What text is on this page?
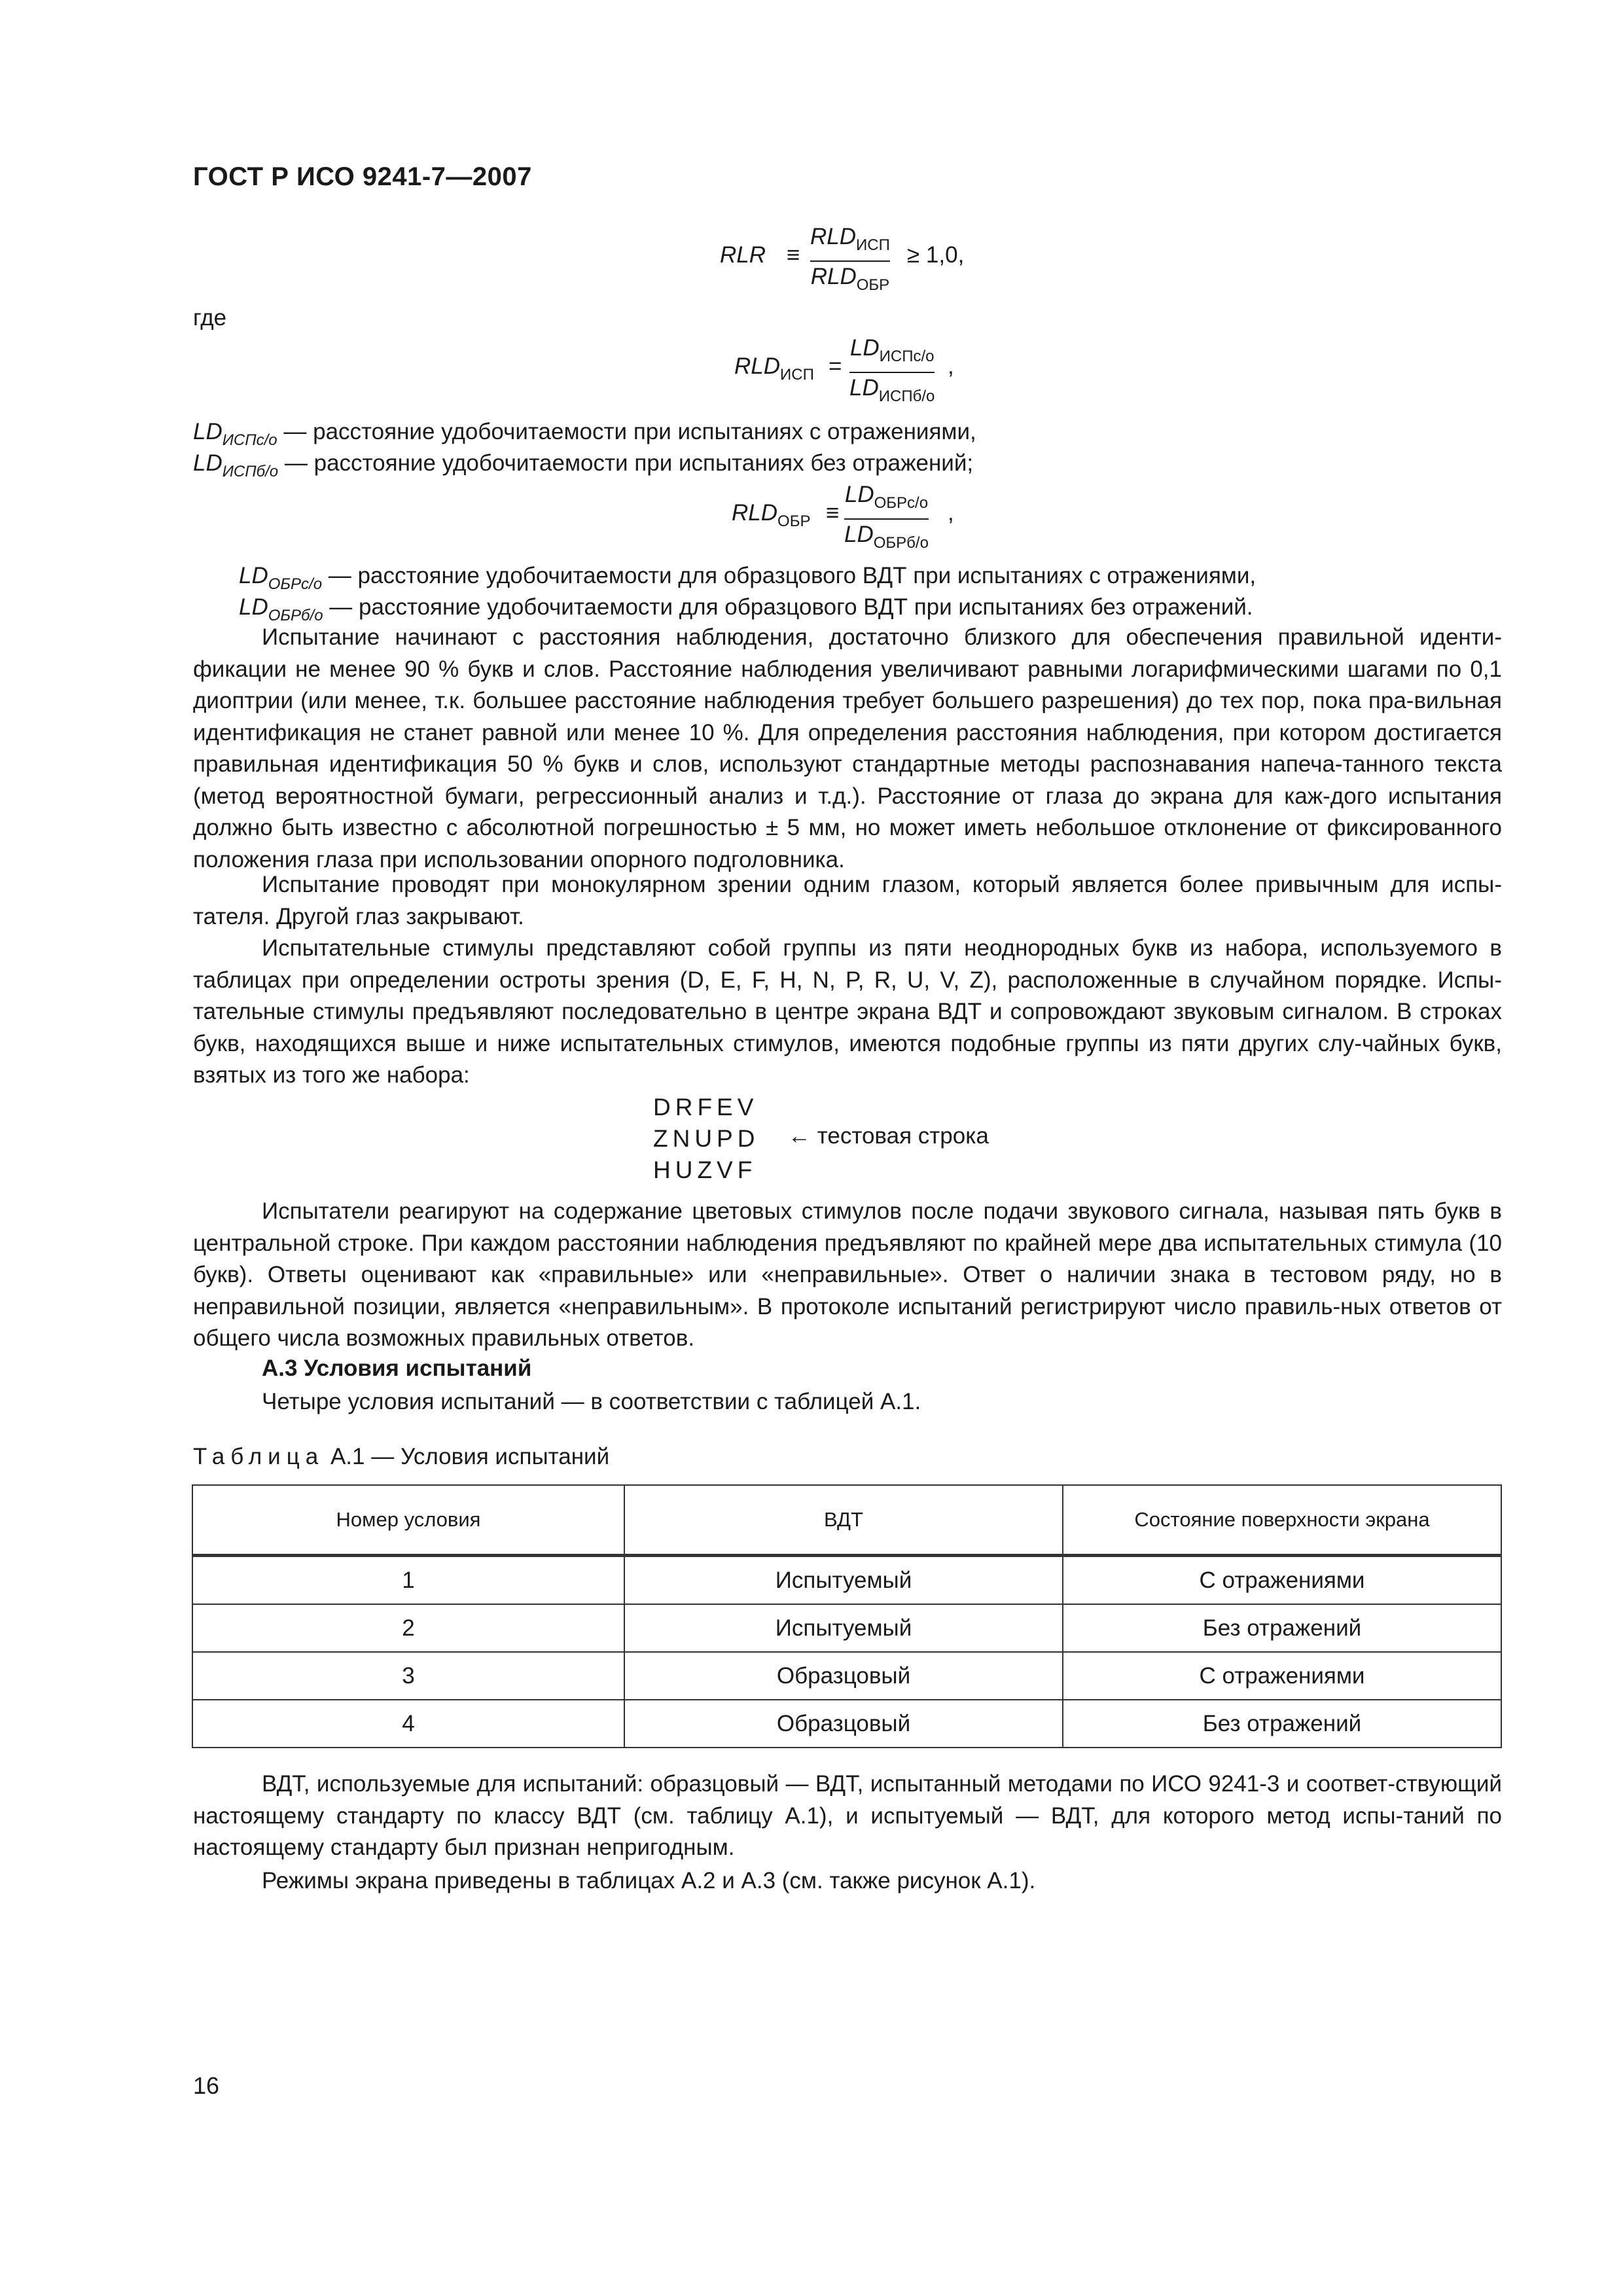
ГОСТ Р ИСО 9241-7—2007
RLR ≡
$RLD_{ИСП}$
$RLD_{ОБР}$
≥ 1,0,
где
$RLD_{ИСП}$ =
$LD_{ИСПс/о}$
$LD_{ИСПб/о}$
,
$LD_{ИСПс/о}$ — расстояние удобочитаемости при испытаниях с отражениями,
$LD_{ИСПб/о}$ — расстояние удобочитаемости при испытаниях без отражений;
$RLD_{ОБР}$ ≡
$LD_{ОБРс/о}$
$LD_{ОБРб/о}$
,
$LD_{ОБРс/о}$ — расстояние удобочитаемости для образцового ВДТ при испытаниях с отражениями,
$LD_{ОБРб/о}$ — расстояние удобочитаемости для образцового ВДТ при испытаниях без отражений.
Испытание начинают с расстояния наблюдения, достаточно близкого для обеспечения правильной иденти-фикации не менее 90 % букв и слов. Расстояние наблюдения увеличивают равными логарифмическими шагами по 0,1 диоптрии (или менее, т.к. большее расстояние наблюдения требует большего разрешения) до тех пор, пока пра-вильная идентификация не станет равной или менее 10 %. Для определения расстояния наблюдения, при котором достигается правильная идентификация 50 % букв и слов, используют стандартные методы распознавания напеча-танного текста (метод вероятностной бумаги, регрессионный анализ и т.д.). Расстояние от глаза до экрана для каж-дого испытания должно быть известно с абсолютной погрешностью ± 5 мм, но может иметь небольшое отклонение от фиксированного положения глаза при использовании опорного подголовника.
Испытание проводят при монокулярном зрении одним глазом, который является более привычным для испы-тателя. Другой глаз закрывают.
Испытательные стимулы представляют собой группы из пяти неоднородных букв из набора, используемого в таблицах при определении остроты зрения (D, E, F, H, N, P, R, U, V, Z), расположенные в случайном порядке. Испы-тательные стимулы предъявляют последовательно в центре экрана ВДТ и сопровождают звуковым сигналом. В строках букв, находящихся выше и ниже испытательных стимулов, имеются подобные группы из пяти других слу-чайных букв, взятых из того же набора:
DRFEV
ZNUPD
HUZVF
← тестовая строка
Испытатели реагируют на содержание цветовых стимулов после подачи звукового сигнала, называя пять букв в центральной строке. При каждом расстоянии наблюдения предъявляют по крайней мере два испытательных стимула (10 букв). Ответы оценивают как «правильные» или «неправильные». Ответ о наличии знака в тестовом ряду, но в неправильной позиции, является «неправильным». В протоколе испытаний регистрируют число правиль-ных ответов от общего числа возможных правильных ответов.
А.3 Условия испытаний
Четыре условия испытаний — в соответствии с таблицей А.1.
Таблица А.1 — Условия испытаний
Номер условия	ВДТ	Состояние поверхности экрана
1	Испытуемый	С отражениями
2	Испытуемый	Без отражений
3	Образцовый	С отражениями
4	Образцовый	Без отражений
ВДТ, используемые для испытаний: образцовый — ВДТ, испытанный методами по ИСО 9241-3 и соответ-ствующий настоящему стандарту по классу ВДТ (см. таблицу А.1), и испытуемый — ВДТ, для которого метод испы-таний по настоящему стандарту был признан непригодным.
Режимы экрана приведены в таблицах А.2 и А.3 (см. также рисунок А.1).
16
